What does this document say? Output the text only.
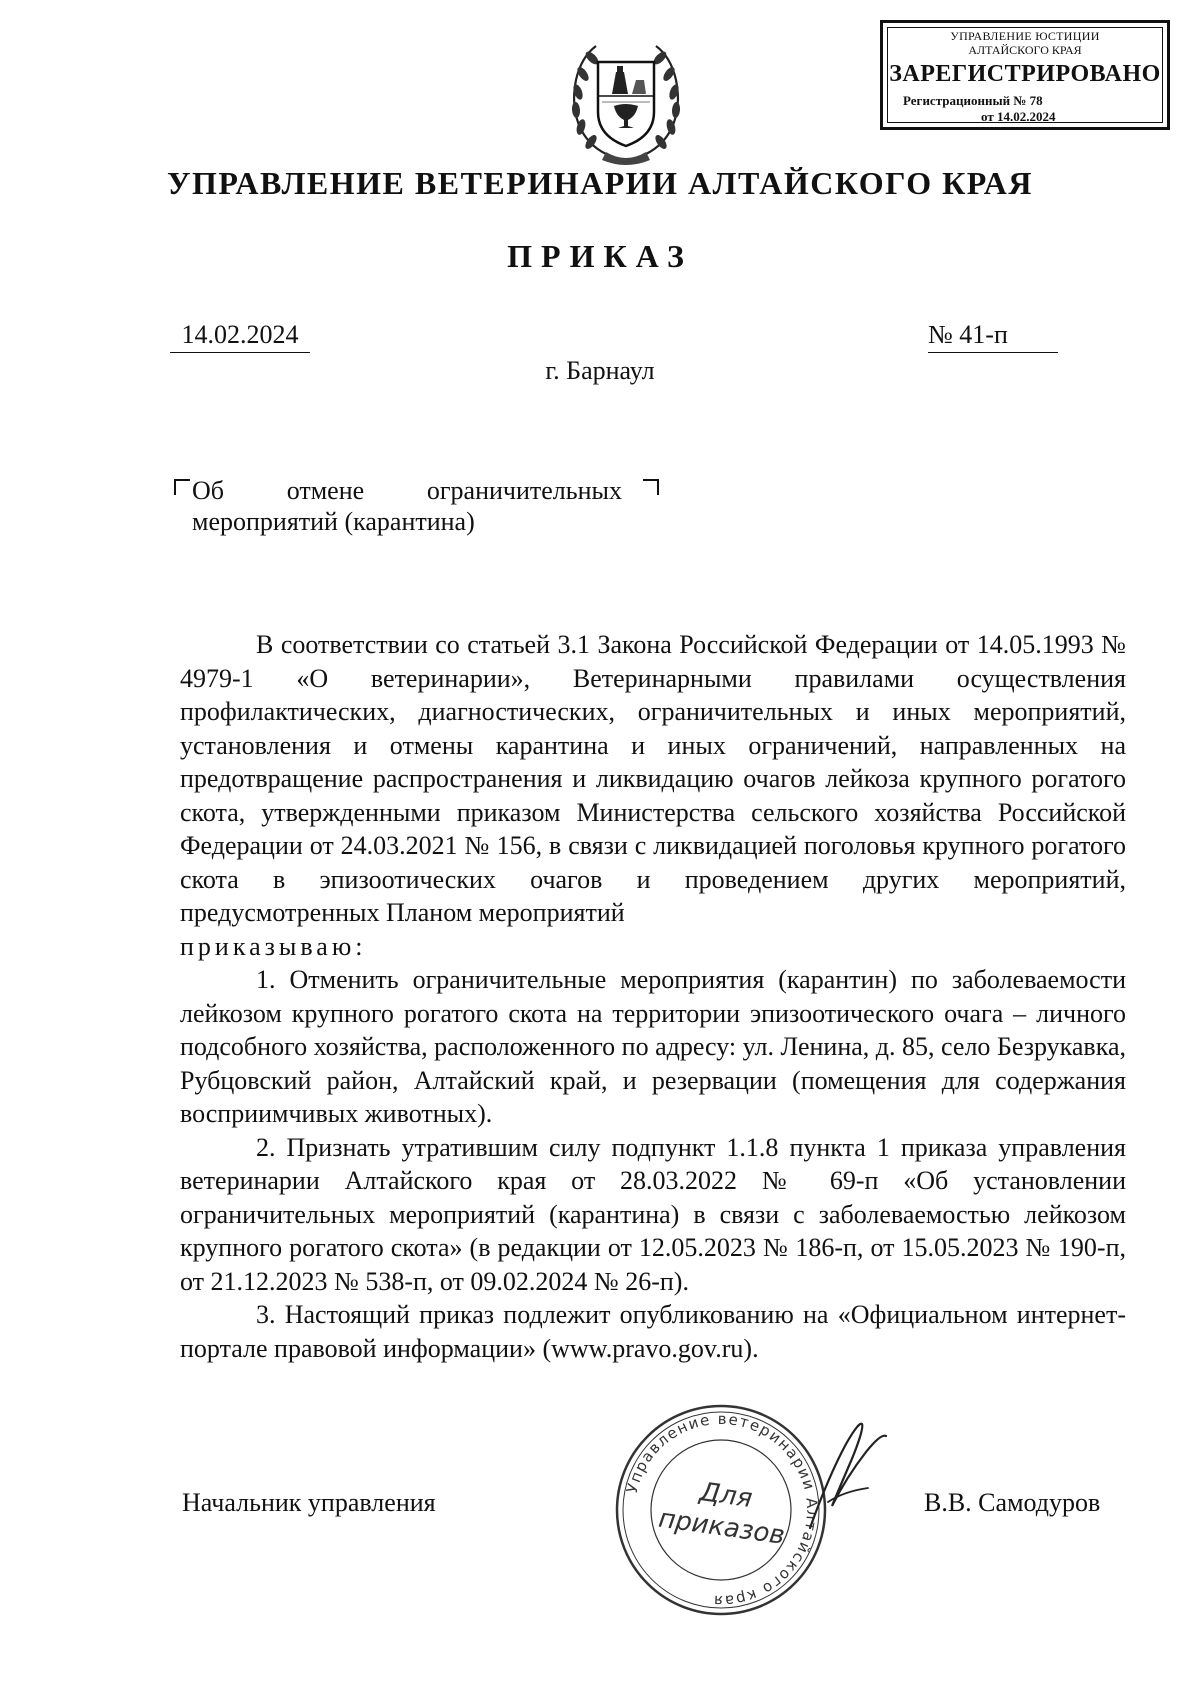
УПРАВЛЕНИЕ ЮСТИЦИИ
АЛТАЙСКОГО КРАЯ
ЗАРЕГИСТРИРОВАНО
Регистрационный № 78
от 14.02.2024
УПРАВЛЕНИЕ ВЕТЕРИНАРИИ АЛТАЙСКОГО КРАЯ
ПРИКАЗ
14.02.2024	№ 41-п
г. Барнаул
Об отмене ограничительных
мероприятий (карантина)

В соответствии со статьей 3.1 Закона Российской Федерации от 14.05.1993 № 4979-1 «О ветеринарии», Ветеринарными правилами осуществления профилактических, диагностических, ограничительных и иных мероприятий, установления и отмены карантина и иных ограничений, направленных на предотвращение распространения и ликвидацию очагов лейкоза крупного рогатого скота, утвержденными приказом Министерства сельского хозяйства Российской Федерации от 24.03.2021 № 156, в связи с ликвидацией поголовья крупного рогатого скота в эпизоотических очагов и проведением других мероприятий, предусмотренных Планом мероприятий

приказываю:

1. Отменить ограничительные мероприятия (карантин) по заболеваемости лейкозом крупного рогатого скота на территории эпизоотического очага – личного подсобного хозяйства, расположенного по адресу: ул. Ленина, д. 85, село Безрукавка, Рубцовский район, Алтайский край, и резервации (помещения для содержания восприимчивых животных).

2. Признать утратившим силу подпункт 1.1.8 пункта 1 приказа управления ветеринарии Алтайского края от 28.03.2022 № 69-п «Об установлении ограничительных мероприятий (карантина) в связи с заболеваемостью лейкозом крупного рогатого скота» (в редакции от 12.05.2023 № 186-п, от 15.05.2023 № 190-п, от 21.12.2023 № 538-п, от 09.02.2024 № 26-п).

3. Настоящий приказ подлежит опубликованию на «Официальном интернет-портале правовой информации» (www.pravo.gov.ru).

Начальник управления
Управление ветеринарии Алтайского края
Для
приказов
В.В. Самодуров
